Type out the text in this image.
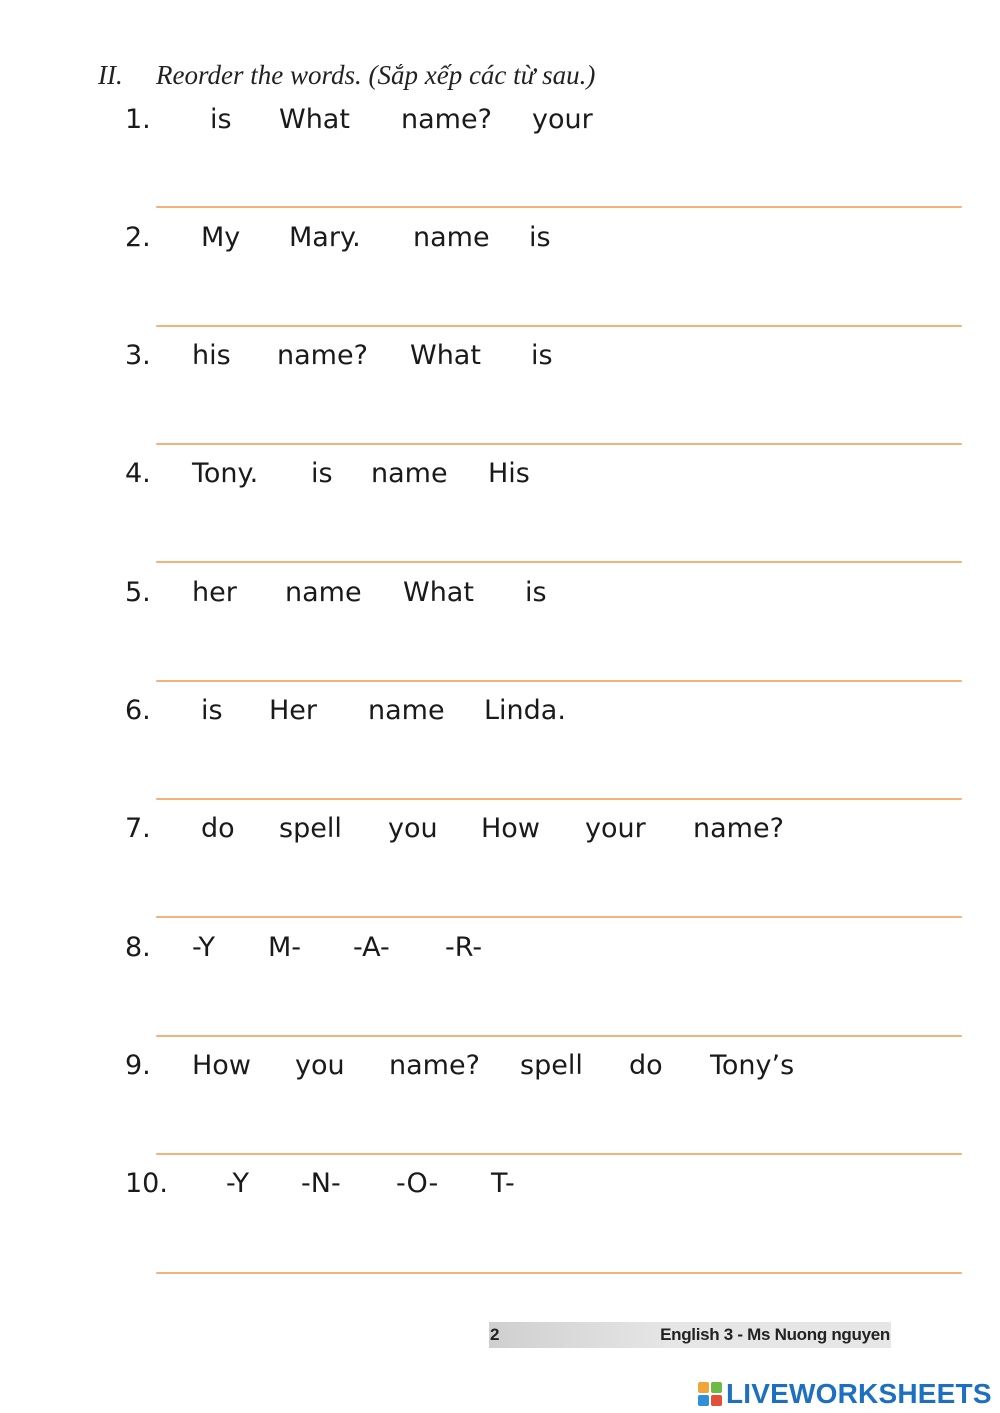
II. Reorder the words. (Sắp xếp các từ sau.)
1. is What name? your
2. My Mary. name is
3. his name? What is
4. Tony. is name His
5. her name What is
6. is Her name Linda.
7. do spell you How your name?
8. -Y M- -A- -R-
9. How you name? spell do Tony’s
10. -Y -N- -O- T-
2	English 3 - Ms Nuong nguyen
LIVEWORKSHEETS
